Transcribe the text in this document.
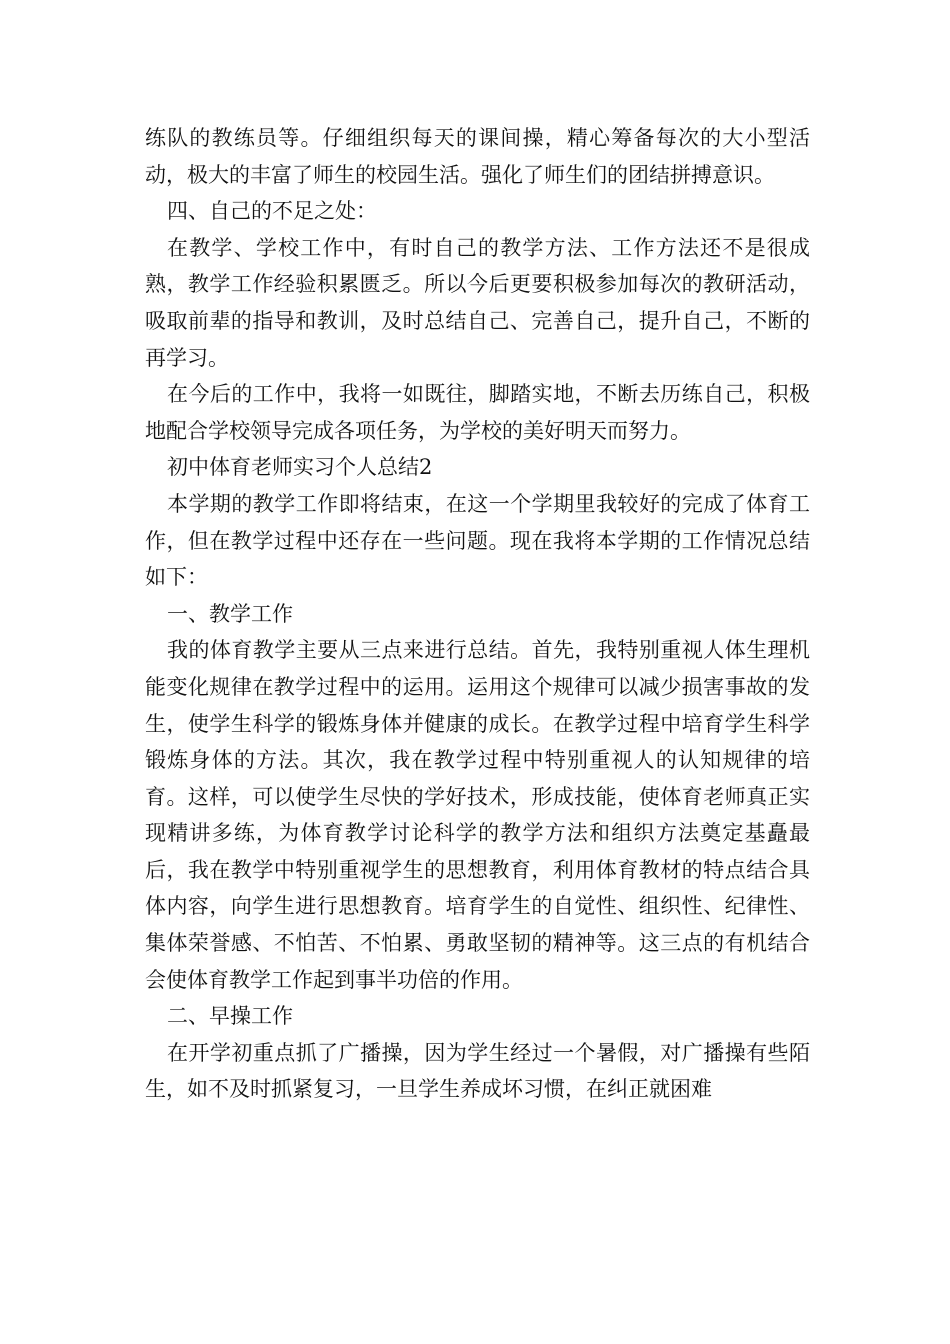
练队的教练员等。仔细组织每天的课间操，精心筹备每次的大小型活动，极大的丰富了师生的校园生活。强化了师生们的团结拼搏意识。

四、自己的不足之处：

在教学、学校工作中，有时自己的教学方法、工作方法还不是很成熟，教学工作经验积累匮乏。所以今后更要积极参加每次的教研活动，吸取前辈的指导和教训，及时总结自己、完善自己，提升自己，不断的再学习。

在今后的工作中，我将一如既往，脚踏实地，不断去历练自己，积极地配合学校领导完成各项任务，为学校的美好明天而努力。

初中体育老师实习个人总结2

本学期的教学工作即将结束，在这一个学期里我较好的完成了体育工作，但在教学过程中还存在一些问题。现在我将本学期的工作情况总结如下：

一、教学工作

我的体育教学主要从三点来进行总结。首先，我特别重视人体生理机能变化规律在教学过程中的运用。运用这个规律可以减少损害事故的发生，使学生科学的锻炼身体并健康的成长。在教学过程中培育学生科学锻炼身体的方法。其次，我在教学过程中特别重视人的认知规律的培育。这样，可以使学生尽快的学好技术，形成技能，使体育老师真正实现精讲多练，为体育教学讨论科学的教学方法和组织方法奠定基矗最后，我在教学中特别重视学生的思想教育，利用体育教材的特点结合具体内容，向学生进行思想教育。培育学生的自觉性、组织性、纪律性、集体荣誉感、不怕苦、不怕累、勇敢坚韧的精神等。这三点的有机结合会使体育教学工作起到事半功倍的作用。

二、早操工作

在开学初重点抓了广播操，因为学生经过一个暑假，对广播操有些陌生，如不及时抓紧复习，一旦学生养成坏习惯，在纠正就困难
